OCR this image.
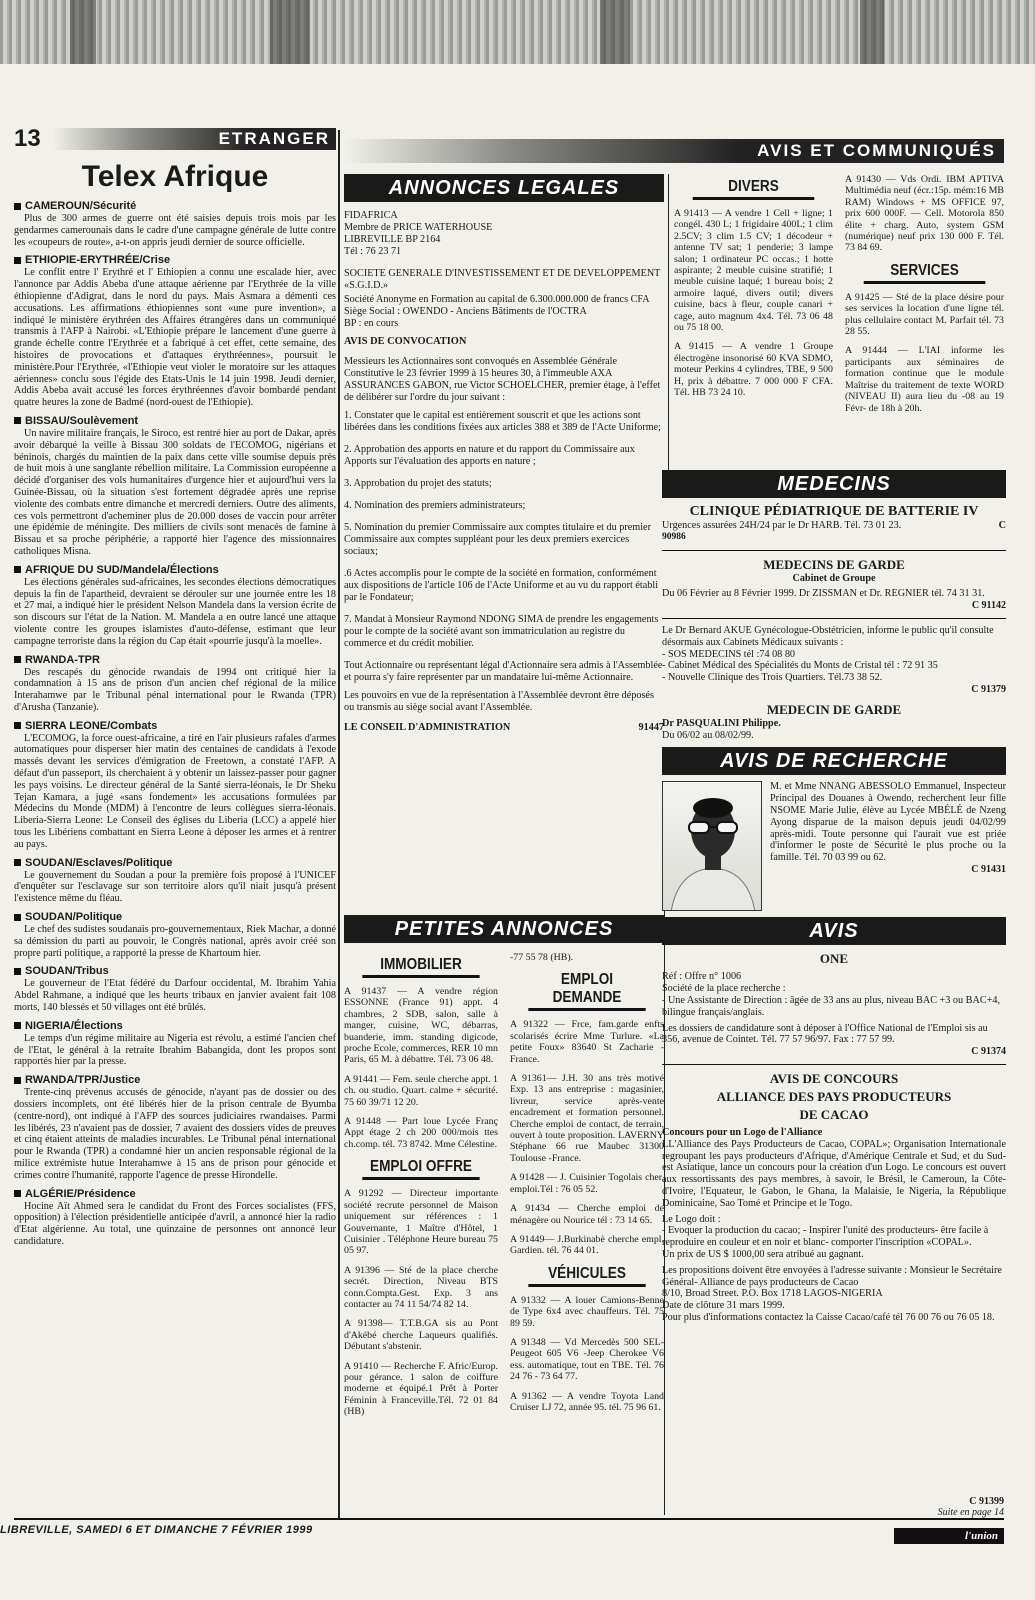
13	ETRANGER
Telex Afrique
CAMEROUN/Sécurité

Plus de 300 armes de guerre ont été saisies depuis trois mois par les gendarmes camerounais dans le cadre d'une campagne générale de lutte contre les «coupeurs de route», a-t-on appris jeudi dernier de source officielle.

ETHIOPIE-ERYTHRÉE/Crise

Le conflit entre l' Erythré et l' Ethiopien a connu une escalade hier, avec l'annonce par Addis Abeba d'une attaque aérienne par l'Erythrée de la ville éthiopienne d'Adigrat, dans le nord du pays. Mais Asmara a démenti ces accusations. Les affirmations éthiopiennes sont «une pure invention», a indiqué le ministère érythréen des Affaires étrangères dans un communiqué transmis à l'AFP à Nairobi. «L'Ethiopie prépare le lancement d'une guerre à grande échelle contre l'Erythrée et a fabriqué à cet effet, cette semaine, des histoires de provocations et d'attaques érythréennes», poursuit le ministère.Pour l'Erythrée, «l'Ethiopie veut violer le moratoire sur les attaques aériennes» conclu sous l'égide des Etats-Unis le 14 juin 1998. Jeudi dernier, Addis Abeba avait accusé les forces érythréennes d'avoir bombardé pendant quatre heures la zone de Badmé (nord-ouest de l'Ethiopie).

BISSAU/Soulèvement

Un navire militaire français, le Siroco, est rentré hier au port de Dakar, après avoir débarqué la veille à Bissau 300 soldats de l'ECOMOG, nigérians et béninois, chargés du maintien de la paix dans cette ville soumise depuis près de huit mois à une sanglante rébellion militaire. La Commission européenne a décidé d'organiser des vols humanitaires d'urgence hier et aujourd'hui vers la Guinée-Bissau, où la situation s'est fortement dégradée après une reprise violente des combats entre dimanche et mercredi derniers. Outre des aliments, ces vols permettront d'acheminer plus de 20.000 doses de vaccin pour arrêter une épidémie de méningite. Des milliers de civils sont menacés de famine à Bissau et sa proche périphérie, a rapporté hier l'agence des missionnaires catholiques Misna.

AFRIQUE DU SUD/Mandela/Élections

Les élections générales sud-africaines, les secondes élections démocratiques depuis la fin de l'apartheid, devraient se dérouler sur une journée entre les 18 et 27 mai, a indiqué hier le président Nelson Mandela dans la version écrite de son discours sur l'état de la Nation. M. Mandela a en outre lancé une attaque violente contre les groupes islamistes d'auto-défense, estimant que leur campagne terroriste dans la région du Cap était «pourrie jusqu'à la moelle».

RWANDA-TPR

Des rescapés du génocide rwandais de 1994 ont critiqué hier la condamnation à 15 ans de prison d'un ancien chef régional de la milice Interahamwe par le Tribunal pénal international pour le Rwanda (TPR) d'Arusha (Tanzanie).

SIERRA LEONE/Combats

L'ECOMOG, la force ouest-africaine, a tiré en l'air plusieurs rafales d'armes automatiques pour disperser hier matin des centaines de candidats à l'exode massés devant les services d'émigration de Freetown, a constaté l'AFP. A défaut d'un passeport, ils cherchaient à y obtenir un laissez-passer pour gagner les pays voisins. Le directeur général de la Santé sierra-léonais, le Dr Sheku Tejan Kamara, a jugé «sans fondement» les accusations formulées par Médecins du Monde (MDM) à l'encontre de leurs collègues sierra-léonais. Liberia-Sierra Leone: Le Conseil des églises du Liberia (LCC) a appelé hier tous les Libériens combattant en Sierra Leone à déposer les armes et à rentrer au pays.

SOUDAN/Esclaves/Politique

Le gouvernement du Soudan a pour la première fois proposé à l'UNICEF d'enquêter sur l'esclavage sur son territoire alors qu'il niait jusqu'à présent l'existence même du fléau.

SOUDAN/Politique

Le chef des sudistes soudanais pro-gouvernementaux, Riek Machar, a donné sa démission du parti au pouvoir, le Congrès national, après avoir créé son propre parti politique, a rapporté la presse de Khartoum hier.

SOUDAN/Tribus

Le gouverneur de l'Etat fédéré du Darfour occidental, M. Ibrahim Yahia Abdel Rahmane, a indiqué que les heurts tribaux en janvier avaient fait 108 morts, 140 blessés et 50 villages ont été brûlés.

NIGERIA/Élections

Le temps d'un régime militaire au Nigeria est révolu, a estimé l'ancien chef de l'Etat, le général à la retraite Ibrahim Babangida, dont les propos sont rapportés hier par la presse.

RWANDA/TPR/Justice

Trente-cinq prévenus accusés de génocide, n'ayant pas de dossier ou des dossiers incomplets, ont été libérés hier de la prison centrale de Byumba (centre-nord), ont indiqué à l'AFP des sources judiciaires rwandaises. Parmi les libérés, 23 n'avaient pas de dossier, 7 avaient des dossiers vides de preuves et cinq étaient atteints de maladies incurables. Le Tribunal pénal international pour le Rwanda (TPR) a condamné hier un ancien responsable régional de la milice extrémiste hutue Interahamwe à 15 ans de prison pour génocide et crimes contre l'humanité, rapporte l'agence de presse Hirondelle.

ALGÉRIE/Présidence

Hocine Aït Ahmed sera le candidat du Front des Forces socialistes (FFS, opposition) à l'élection présidentielle anticipée d'avril, a annoncé hier la radio d'Etat algérienne. Au total, une quinzaine de personnes ont annoncé leur candidature.

AVIS ET COMMUNIQUÉS
ANNONCES LEGALES

FIDAFRICA

Membre de PRICE WATERHOUSE

LIBREVILLE BP 2164

Tél : 76 23 71

SOCIETE GENERALE D'INVESTISSEMENT ET DE DEVELOPPEMENT

«S.G.I.D.»

Société Anonyme en Formation au capital de 6.300.000.000 de francs CFA

Siège Social : OWENDO - Anciens Bâtiments de l'OCTRA

BP : en cours

AVIS DE CONVOCATION

Messieurs les Actionnaires sont convoqués en Assemblée Générale Constitutive le 23 février 1999 à 15 heures 30, à l'immeuble AXA ASSURANCES GABON, rue Victor SCHOELCHER, premier étage, à l'effet de délibérer sur l'ordre du jour suivant :

1. Constater que le capital est entièrement souscrit et que les actions sont libérées dans les conditions fixées aux articles 388 et 389 de l'Acte Uniforme;

2. Approbation des apports en nature et du rapport du Commissaire aux Apports sur l'évaluation des apports en nature ;

3. Approbation du projet des statuts;

4. Nomination des premiers administrateurs;

5. Nomination du premier Commissaire aux comptes titulaire et du premier Commissaire aux comptes suppléant pour les deux premiers exercices sociaux;

.6 Actes accomplis pour le compte de la société en formation, conformément aux dispositions de l'article 106 de l'Acte Uniforme et au vu du rapport établi par le Fondateur;

7. Mandat à Monsieur Raymond NDONG SIMA de prendre les engagements pour le compte de la société avant son immatriculation au registre du commerce et du crédit mobilier.

Tout Actionnaire ou représentant légal d'Actionnaire sera admis à l'Assemblée et pourra s'y faire représenter par un mandataire lui-même Actionnaire.

Les pouvoirs en vue de la représentation à l'Assemblée devront être déposés ou transmis au siège social avant l'Assemblée.

LE CONSEIL D'ADMINISTRATION	91447
PETITES ANNONCES
IMMOBILIER
A 91437 — A vendre région ESSONNE (France 91) appt. 4 chambres, 2 SDB, salon, salle à manger, cuisine, WC, débarras, buanderie, imm. standing digicode, proche Ecole, commerces, RER 10 mn Paris, 65 M. à débattre. Tél. 73 06 48.
A 91441 — Fem. seule cherche appt. 1 ch. ou studio. Quart. calme + sécurité. 75 60 39/71 12 20.
A 91448 — Part loue Lycée Franç Appt étage 2 ch 200 000/mois ttes ch.comp. tél. 73 8742. Mme Célestine.
EMPLOI OFFRE
A 91292 — Directeur importante société recrute personnel de Maison uniquement sur références : 1 Gouvernante, 1 Maître d'Hôtel, 1 Cuisinier . Téléphone Heure bureau 75 05 97.
A 91396 — Sté de la place cherche secrét. Direction, Niveau BTS conn.Compta.Gest. Exp. 3 ans contacter au 74 11 54/74 82 14.
A 91398— T.T.B.GA sis au Pont d'Akébé cherche Laqueurs qualifiés. Débutant s'abstenir.
A 91410 — Recherche F. Afric/Europ. pour gérance. 1 salon de coiffure moderne et équipé.1 Prêt à Porter Féminin à Franceville.Tél. 72 01 84 (HB)
-77 55 78 (HB).
EMPLOI DEMANDE
A 91322 — Frce, fam.garde enfts scolarisés écrire Mme Turlure. «La petite Foux» 83640 St Zacharie - France.
A 91361— J.H. 30 ans très motivé Exp. 13 ans entreprise : magasinier, livreur, service après-vente encadrement et formation personnel. Cherche emploi de contact, de terrain, ouvert à toute proposition. LAVERNY Stéphane 66 rue Maubec 31300 Toulouse -France.
A 91428 — J. Cuisinier Togolais cher. emploi.Tél : 76 05 52.
A 91434 — Cherche emploi de ménagère ou Nourice tél : 73 14 65.
A 91449— J.Burkinabè cherche empl. Gardien. tél. 76 44 01.
VÉHICULES
A 91332 — A louer Camions-Benne de Type 6x4 avec chauffeurs. Tél. 75 89 59.
A 91348 — Vd Mercedès 500 SEL- Peugeot 605 V6 -Jeep Cherokee V6 ess. automatique, tout en TBE. Tél. 76 24 76 - 73 64 77.
A 91362 — A vendre Toyota Land Cruiser LJ 72, année 95. tél. 75 96 61.
DIVERS
A 91413 — A vendre 1 Cell + ligne; 1 congél. 430 L; 1 frigidaire 400L; 1 clim 2.5CV; 3 clim 1.5 CV; 1 décodeur + antenne TV sat; 1 penderie; 3 lampe salon; 1 ordinateur PC occas.; 1 hotte aspirante; 2 meuble cuisine stratifié; 1 meuble cuisine laqué; 1 bureau bois; 2 armoire laqué, divers outil; divers cuisine, bacs à fleur, couple canari + cage, auto magnum 4x4. Tél. 73 06 48 ou 75 18 00.
A 91415 — A vendre 1 Groupe électrogène insonorisé 60 KVA SDMO, moteur Perkins 4 cylindres, TBE, 9 500 H, prix à débattre. 7 000 000 F CFA. Tél. HB 73 24 10.
A 91430 — Vds Ordi. IBM APTIVA Multimédia neuf (écr.:15p. mém:16 MB RAM) Windows + MS OFFICE 97, prix 600 000F. — Cell. Motorola 850 élite + charg. Auto, system GSM (numérique) neuf prix 130 000 F. Tél. 73 84 69.
SERVICES
A 91425 — Sté de la place désire pour ses services la location d'une ligne tél. plus cellulaire contact M. Parfait tél. 73 28 55.
A 91444 — L'IAI informe les participants aux séminaires de formation continue que le module Maîtrise du traitement de texte WORD (NIVEAU II) aura lieu du -08 au 19 Févr- de 18h à 20h.
MEDECINS
CLINIQUE PÉDIATRIQUE DE BATTERIE IV

Urgences assurées 24H/24 par le Dr HARB. Tél. 73 01 23.	C

90986

MEDECINS DE GARDE

Cabinet de Groupe

Du 06 Février au 8 Février 1999. Dr ZISSMAN et Dr. REGNIER tél. 74 31 31.

C 91142

Le Dr Bernard AKUE Gynécologue-Obstétricien, informe le public qu'il consulte désormais aux Cabinets Médicaux suivants :

- SOS MEDECINS tél :74 08 80

- Cabinet Médical des Spécialités du Monts de Cristal tél : 72 91 35

- Nouvelle Clinique des Trois Quartiers. Tél.73 38 52.

C 91379

MEDECIN DE GARDE

Dr PASQUALINI Philippe.

Du 06/02 au 08/02/99.

AVIS DE RECHERCHE

M. et Mme NNANG ABESSOLO Emmanuel, Inspecteur Principal des Douanes à Owendo, recherchent leur fille NSOME Marie Julie, élève au Lycée MBÉLÉ de Nzeng Ayong disparue de la maison depuis jeudi 04/02/99 après-midi. Toute personne qui l'aurait vue est priée d'informer le poste de Sécurité le plus proche ou la famille. Tél. 70 03 99 ou 62.

C 91431

AVIS
ONE

Réf : Offre n° 1006

Société de la place recherche :

- Une Assistante de Direction : âgée de 33 ans au plus, niveau BAC +3 ou BAC+4, bilingue français/anglais.

Les dossiers de candidature sont à déposer à l'Office National de l'Emploi sis au 356, avenue de Cointet. Tél. 77 57 96/97. Fax : 77 57 99.

C 91374

AVIS DE CONCOURS
ALLIANCE DES PAYS PRODUCTEURS
DE CACAO

Concours pour un Logo de l'Alliance

LL'Alliance des Pays Producteurs de Cacao, COPAL»; Organisation Internationale regroupant les pays producteurs d'Afrique, d'Amérique Centrale et Sud, et du Sud-est Asiatique, lance un concours pour la création d'un Logo. Le concours est ouvert aux ressortissants des pays membres, à savoir, le Brésil, le Cameroun, la Côte-d'Ivoire, l'Equateur, le Gabon, le Ghana, la Malaisie, le Nigeria, la République Dominicaine, Sao Tomé et Principe et le Togo.

Le Logo doit :

- Evoquer la production du cacao; - Inspirer l'unité des producteurs- être facile à reproduire en couleur et en noir et blanc- comporter l'inscription «COPAL».

Un prix de US $ 1000,00 sera atribué au gagnant.

Les propositions doivent être envoyées à l'adresse suivante : Monsieur le Secrétaire Général- Alliance de pays producteurs de Cacao

8/10, Broad Street. P.O. Box 1718 LAGOS-NIGERIA

Date de clôture 31 mars 1999.

Pour plus d'informations contactez la Caisse Cacao/café tél 76 00 76 ou 76 05 18.

C 91399
Suite en page 14
LIBREVILLE, SAMEDI 6 ET DIMANCHE 7 FÉVRIER 1999	l'union
